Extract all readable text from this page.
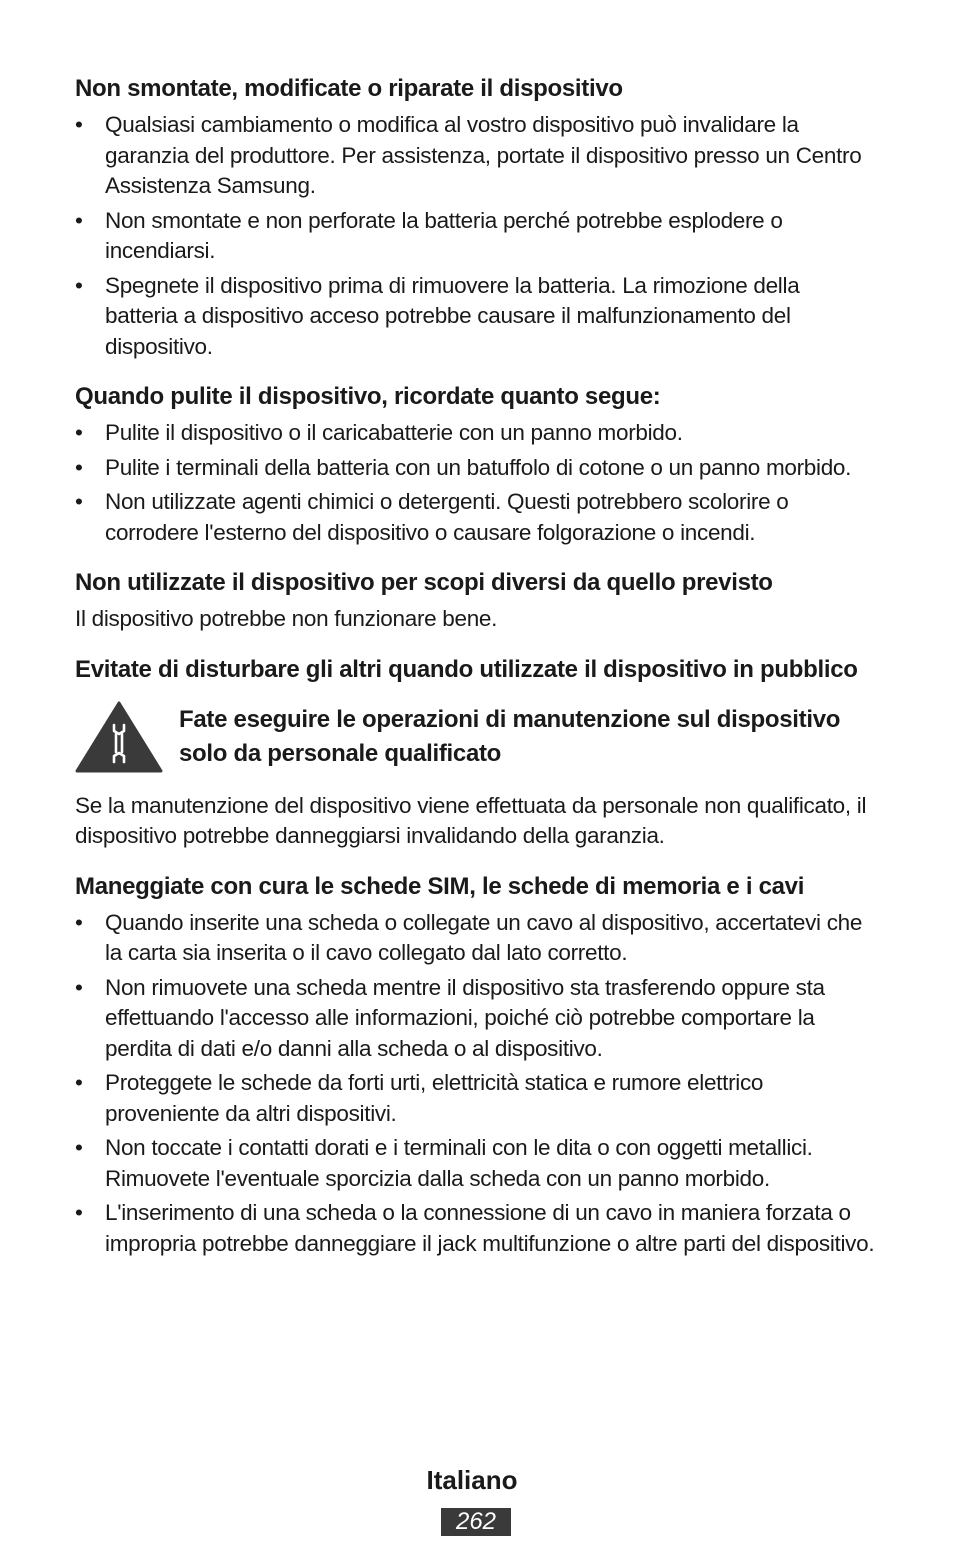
Non smontate, modificate o riparate il dispositivo
• Qualsiasi cambiamento o modifica al vostro dispositivo può invalidare la garanzia del produttore. Per assistenza, portate il dispositivo presso un Centro Assistenza Samsung.
• Non smontate e non perforate la batteria perché potrebbe esplodere o incendiarsi.
• Spegnete il dispositivo prima di rimuovere la batteria. La rimozione della batteria a dispositivo acceso potrebbe causare il malfunzionamento del dispositivo.
Quando pulite il dispositivo, ricordate quanto segue:
• Pulite il dispositivo o il caricabatterie con un panno morbido.
• Pulite i terminali della batteria con un batuffolo di cotone o un panno morbido.
• Non utilizzate agenti chimici o detergenti. Questi potrebbero scolorire o corrodere l'esterno del dispositivo o causare folgorazione o incendi.
Non utilizzate il dispositivo per scopi diversi da quello previsto

Il dispositivo potrebbe non funzionare bene.

Evitate di disturbare gli altri quando utilizzate il dispositivo in pubblico
Fate eseguire le operazioni di manutenzione sul dispositivo solo da personale qualificato

Se la manutenzione del dispositivo viene effettuata da personale non qualificato, il dispositivo potrebbe danneggiarsi invalidando della garanzia.

Maneggiate con cura le schede SIM, le schede di memoria e i cavi
• Quando inserite una scheda o collegate un cavo al dispositivo, accertatevi che la carta sia inserita o il cavo collegato dal lato corretto.
• Non rimuovete una scheda mentre il dispositivo sta trasferendo oppure sta effettuando l'accesso alle informazioni, poiché ciò potrebbe comportare la perdita di dati e/o danni alla scheda o al dispositivo.
• Proteggete le schede da forti urti, elettricità statica e rumore elettrico proveniente da altri dispositivi.
• Non toccate i contatti dorati e i terminali con le dita o con oggetti metallici. Rimuovete l'eventuale sporcizia dalla scheda con un panno morbido.
• L'inserimento di una scheda o la connessione di un cavo in maniera forzata o impropria potrebbe danneggiare il jack multifunzione o altre parti del dispositivo.
Italiano
262
